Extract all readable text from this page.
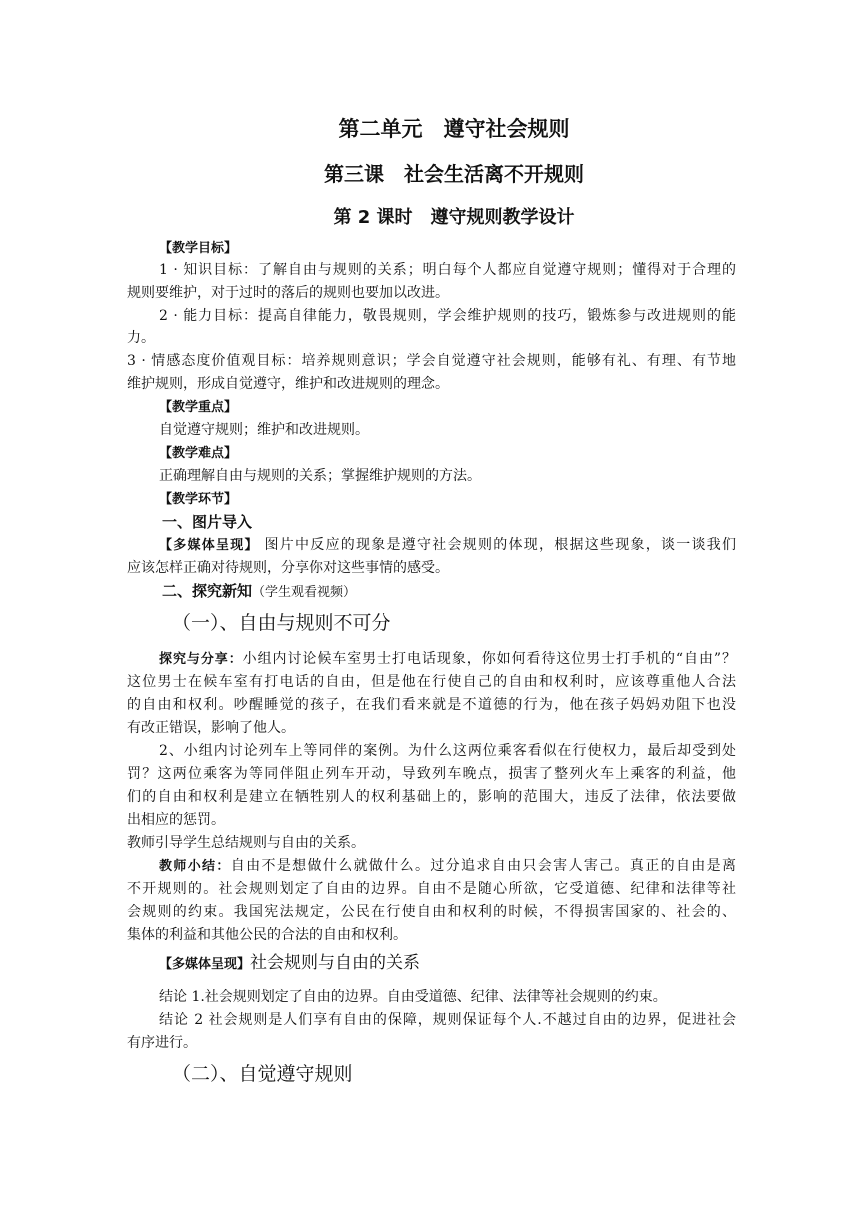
第二单元　遵守社会规则
第三课　社会生活离不开规则
第 2 课时　遵守规则教学设计
【教学目标】
1 · 知识目标：了解自由与规则的关系；明白每个人都应自觉遵守规则；懂得对于合理的
规则要维护，对于过时的落后的规则也要加以改进。
2 · 能力目标：提高自律能力，敬畏规则，学会维护规则的技巧，锻炼参与改进规则的能
力。
3 · 情感态度价值观目标：培养规则意识；学会自觉遵守社会规则，能够有礼、有理、有节地
维护规则，形成自觉遵守，维护和改进规则的理念。
【教学重点】
自觉遵守规则；维护和改进规则。
【教学难点】
正确理解自由与规则的关系；掌握维护规则的方法。
【教学环节】
一、图片导入
【多媒体呈现】 图片中反应的现象是遵守社会规则的体现，根据这些现象，谈一谈我们
应该怎样正确对待规则，分享你对这些事情的感受。
二、探究新知（学生观看视频）
（一）、自由与规则不可分
探究与分享：小组内讨论候车室男士打电话现象，你如何看待这位男士打手机的“自由”？
这位男士在候车室有打电话的自由，但是他在行使自己的自由和权利时，应该尊重他人合法
的自由和权利。吵醒睡觉的孩子，在我们看来就是不道德的行为，他在孩子妈妈劝阻下也没
有改正错误，影响了他人。
2、小组内讨论列车上等同伴的案例。为什么这两位乘客看似在行使权力，最后却受到处
罚？这两位乘客为等同伴阻止列车开动，导致列车晚点，损害了整列火车上乘客的利益，他
们的自由和权利是建立在牺牲别人的权利基础上的，影响的范围大，违反了法律，依法要做
出相应的惩罚。
教师引导学生总结规则与自由的关系。
教师小结：自由不是想做什么就做什么。过分追求自由只会害人害己。真正的自由是离
不开规则的。社会规则划定了自由的边界。自由不是随心所欲，它受道德、纪律和法律等社
会规则的约束。我国宪法规定，公民在行使自由和权利的时候，不得损害国家的、社会的、
集体的利益和其他公民的合法的自由和权利。
【多媒体呈现】社会规则与自由的关系
结论 1.社会规则划定了自由的边界。自由受道德、纪律、法律等社会规则的约束。
结论 2 社会规则是人们享有自由的保障，规则保证每个人.不越过自由的边界，促进社会
有序进行。
（二）、自觉遵守规则
